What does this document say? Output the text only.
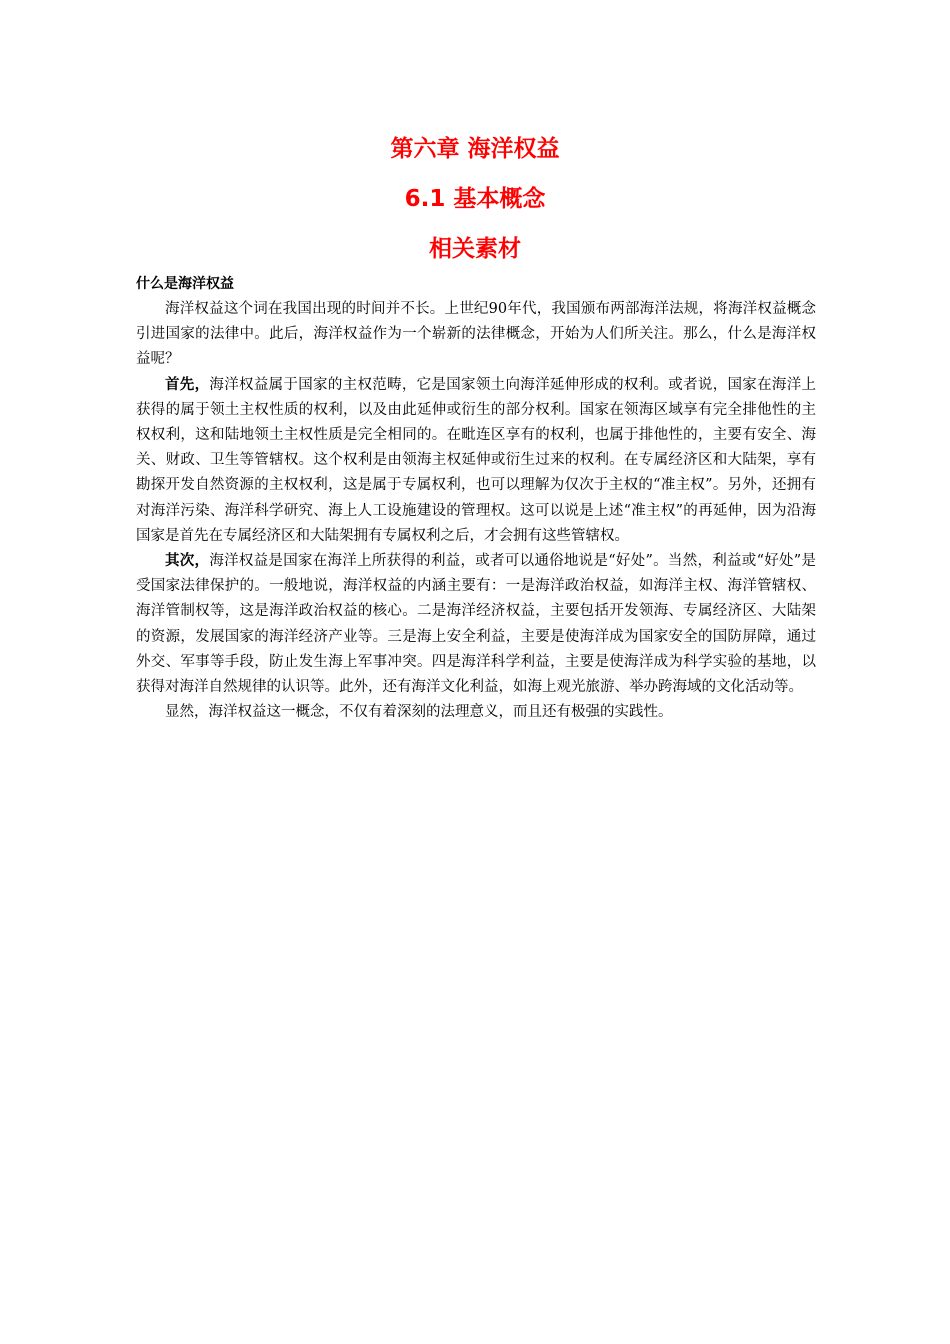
第六章 海洋权益
6.1 基本概念
相关素材

什么是海洋权益

海洋权益这个词在我国出现的时间并不长。上世纪90年代，我国颁布两部海洋法规，将海洋权益概念引进国家的法律中。此后，海洋权益作为一个崭新的法律概念，开始为人们所关注。那么，什么是海洋权益呢？

首先，海洋权益属于国家的主权范畴，它是国家领土向海洋延伸形成的权利。或者说，国家在海洋上获得的属于领土主权性质的权利，以及由此延伸或衍生的部分权利。国家在领海区域享有完全排他性的主权权利，这和陆地领土主权性质是完全相同的。在毗连区享有的权利，也属于排他性的，主要有安全、海关、财政、卫生等管辖权。这个权利是由领海主权延伸或衍生过来的权利。在专属经济区和大陆架，享有勘探开发自然资源的主权权利，这是属于专属权利，也可以理解为仅次于主权的“准主权”。另外，还拥有对海洋污染、海洋科学研究、海上人工设施建设的管理权。这可以说是上述“准主权”的再延伸，因为沿海国家是首先在专属经济区和大陆架拥有专属权利之后，才会拥有这些管辖权。

其次，海洋权益是国家在海洋上所获得的利益，或者可以通俗地说是“好处”。当然，利益或“好处”是受国家法律保护的。一般地说，海洋权益的内涵主要有：一是海洋政治权益，如海洋主权、海洋管辖权、海洋管制权等，这是海洋政治权益的核心。二是海洋经济权益，主要包括开发领海、专属经济区、大陆架的资源，发展国家的海洋经济产业等。三是海上安全利益，主要是使海洋成为国家安全的国防屏障，通过外交、军事等手段，防止发生海上军事冲突。四是海洋科学利益，主要是使海洋成为科学实验的基地，以获得对海洋自然规律的认识等。此外，还有海洋文化利益，如海上观光旅游、举办跨海域的文化活动等。

显然，海洋权益这一概念，不仅有着深刻的法理意义，而且还有极强的实践性。
